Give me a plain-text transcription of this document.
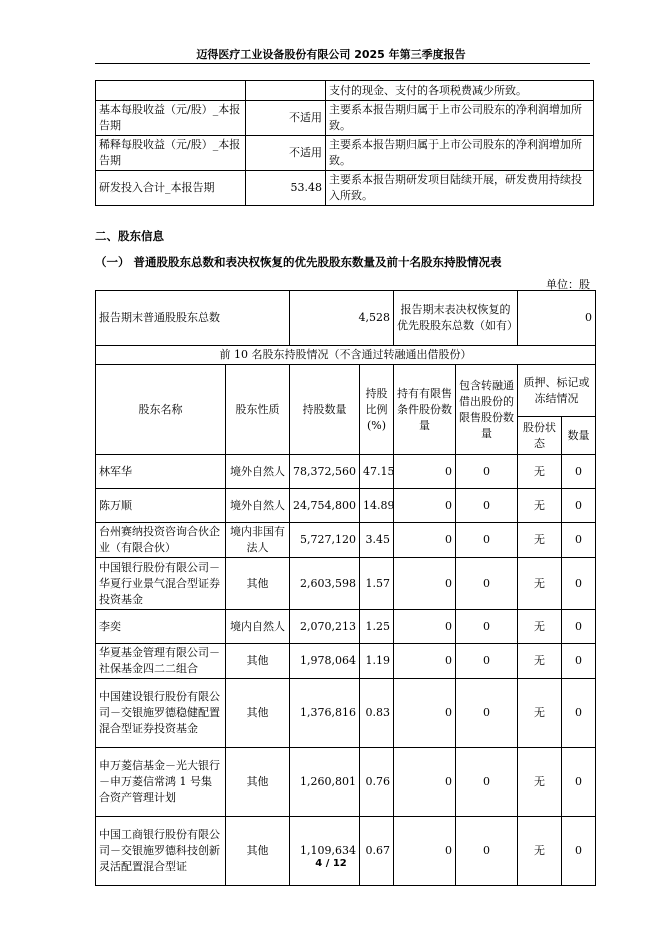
迈得医疗工业设备股份有限公司 2025 年第三季度报告
		支付的现金、支付的各项税费减少所致。
基本每股收益（元/股）_本报告期	不适用	主要系本报告期归属于上市公司股东的净利润增加所致。
稀释每股收益（元/股）_本报告期	不适用	主要系本报告期归属于上市公司股东的净利润增加所致。
研发投入合计_本报告期	53.48	主要系本报告期研发项目陆续开展，研发费用持续投入所致。
二、股东信息
（一） 普通股股东总数和表决权恢复的优先股股东数量及前十名股东持股情况表
单位：股
报告期末普通股股东总数		4,528		报告期末表决权恢复的优先股股东总数（如有）		0	
前 10 名股东持股情况（不含通过转融通出借股份）							
股东名称	股东性质	持股数量	持股比例(%)	持有有限售条件股份数量	包含转融通借出股份的限售股份数量	质押、标记或冻结情况	
						股份状态	数量
林军华	境外自然人	78,372,560	47.15	0	0	无	0
陈万顺	境外自然人	24,754,800	14.89	0	0	无	0
台州赛纳投资咨询合伙企业（有限合伙）	境内非国有法人	5,727,120	3.45	0	0	无	0
中国银行股份有限公司－华夏行业景气混合型证券投资基金	其他	2,603,598	1.57	0	0	无	0
李奕	境内自然人	2,070,213	1.25	0	0	无	0
华夏基金管理有限公司－社保基金四二二组合	其他	1,978,064	1.19	0	0	无	0
中国建设银行股份有限公司－交银施罗德稳健配置混合型证券投资基金	其他	1,376,816	0.83	0	0	无	0
申万菱信基金－光大银行－申万菱信常鸿 1 号集合资产管理计划	其他	1,260,801	0.76	0	0	无	0
中国工商银行股份有限公司－交银施罗德科技创新灵活配置混合型证	其他	1,109,634	0.67	0	0	无	0
4 / 12
